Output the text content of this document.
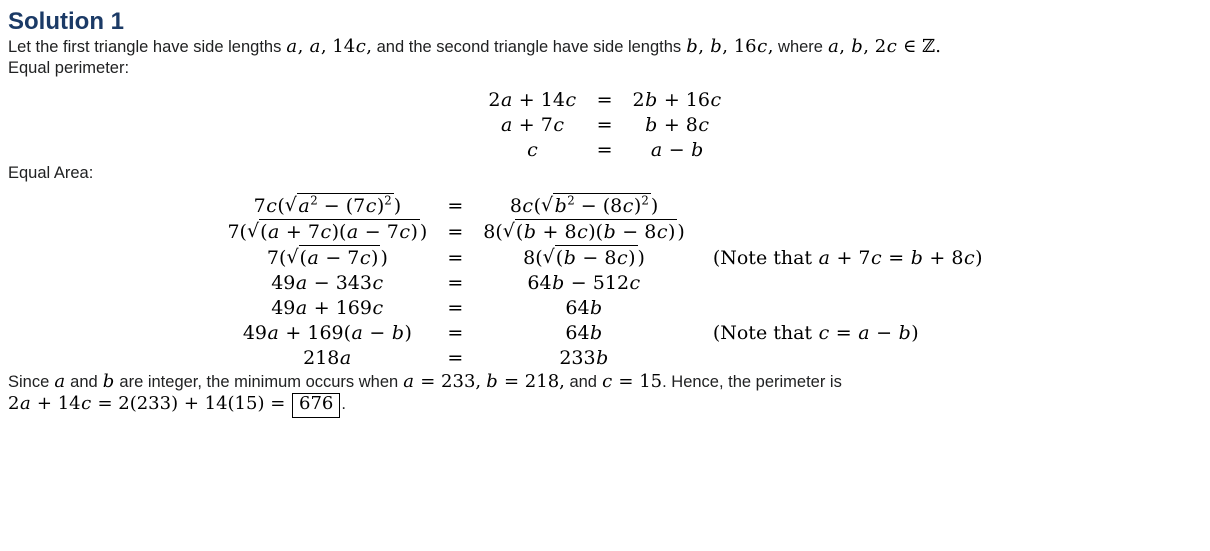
Solution 1

Let the first triangle have side lengths a, a, 14c, and the second triangle have side lengths b, b, 16c, where a, b, 2c ∈ ℤ.

Equal perimeter:

2a + 14c	=	2b + 16c
a + 7c	=	b + 8c
c	=	a − b

Equal Area:

$7c(√a^2 - (7c)^2$ )	=	$8c(√b^2 - (8c)^2$ )
7(√(a + 7c)(a − 7c) )	=	8(√(b + 8c)(b − 8c) )
7(√(a − 7c) )	=	8(√(b − 8c) )	(Note that a + 7c = b + 8c)
49a − 343c	=	64b − 512c
49a + 169c	=	64b
49a + 169(a − b)	=	64b	(Note that c = a − b)
218a	=	233b

Since a and b are integer, the minimum occurs when a = 233, b = 218, and c = 15. Hence, the perimeter is
2a + 14c = 2(233) + 14(15) = 676 .
